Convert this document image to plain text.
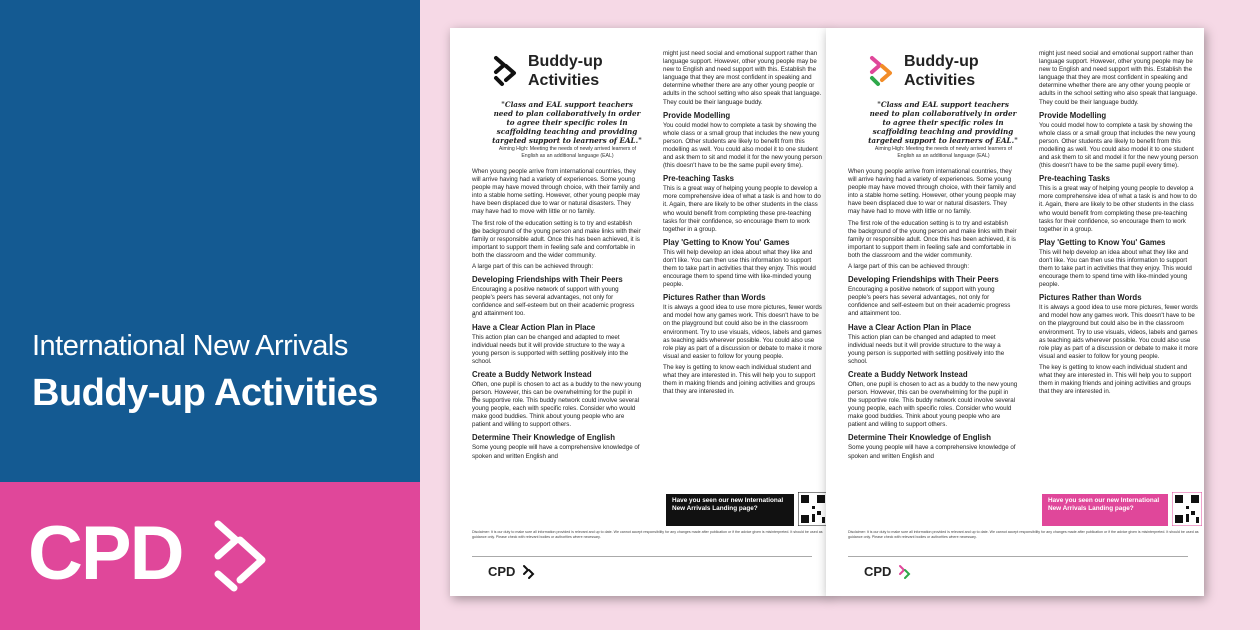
International New Arrivals
Buddy-up Activities
CPD
Buddy-up
Activities
"Class and EAL support teachers need to plan collaboratively in order to agree their specific roles in scaffolding teaching and providing targeted support to learners of EAL."
Aiming High: Meeting the needs of newly arrived learners of English as an additional language (EAL)

When young people arrive from international countries, they will arrive having had a variety of experiences. Some young people may have moved through choice, with their family and into a stable home setting. However, other young people may have been displaced due to war or natural disasters. They may have had to move with little or no family.

The first role of the education setting is to try and establish the background of the young person and make links with their family or responsible adult. Once this has been achieved, it is important to support them in feeling safe and comfortable in both the classroom and the wider community.

A large part of this can be achieved through:

Developing Friendships with Their Peers

Encouraging a positive network of support with young people's peers has several advantages, not only for confidence and self-esteem but on their academic progress and attainment too.

Have a Clear Action Plan in Place

This action plan can be changed and adapted to meet individual needs but it will provide structure to the way a young person is supported with settling positively into the school.

Create a Buddy Network Instead

Often, one pupil is chosen to act as a buddy to the new young person. However, this can be overwhelming for the pupil in the supportive role. This buddy network could involve several young people, each with specific roles. Consider who would make good buddies. Think about young people who are patient and willing to support others.

Determine Their Knowledge of English

Some young people will have a comprehensive knowledge of spoken and written English and

might just need social and emotional support rather than language support. However, other young people may be new to English and need support with this. Establish the language that they are most confident in speaking and determine whether there are any other young people or adults in the school setting who also speak that language. They could be their language buddy.

Provide Modelling

You could model how to complete a task by showing the whole class or a small group that includes the new young person. Other students are likely to benefit from this modelling as well. You could also model it to one student and ask them to sit and model it for the new young person (this doesn't have to be the same pupil every time).

Pre-teaching Tasks

This is a great way of helping young people to develop a more comprehensive idea of what a task is and how to do it. Again, there are likely to be other students in the class who would benefit from completing these pre-teaching tasks for their confidence, so encourage them to work together in a group.

Play 'Getting to Know You' Games

This will help develop an idea about what they like and don't like. You can then use this information to support them to take part in activities that they enjoy. This would encourage them to spend time with like-minded young people.

Pictures Rather than Words

It is always a good idea to use more pictures, fewer words and model how any games work. This doesn't have to be on the playground but could also be in the classroom environment. Try to use visuals, videos, labels and games as teaching aids wherever possible. You could also use role play as part of a discussion or debate to make it more visual and easier to follow for young people.

The key is getting to know each individual student and what they are interested in. This will help you to support them in making friends and joining activities and groups that they are interested in.

Have you seen our new International New Arrivals Landing page?
Disclaimer: It is our duty to make sure all information provided is relevant and up to date. We cannot accept responsibility for any changes made after publication or if the advice given is misinterpreted. It should be used as guidance only. Please check with relevant bodies or authorities where necessary.
CPD
Buddy-up
Activities
"Class and EAL support teachers need to plan collaboratively in order to agree their specific roles in scaffolding teaching and providing targeted support to learners of EAL."
Aiming High: Meeting the needs of newly arrived learners of English as an additional language (EAL)

When young people arrive from international countries, they will arrive having had a variety of experiences. Some young people may have moved through choice, with their family and into a stable home setting. However, other young people may have been displaced due to war or natural disasters. They may have had to move with little or no family.

The first role of the education setting is to try and establish the background of the young person and make links with their family or responsible adult. Once this has been achieved, it is important to support them in feeling safe and comfortable in both the classroom and the wider community.

A large part of this can be achieved through:

Developing Friendships with Their Peers

Encouraging a positive network of support with young people's peers has several advantages, not only for confidence and self-esteem but on their academic progress and attainment too.

Have a Clear Action Plan in Place

This action plan can be changed and adapted to meet individual needs but it will provide structure to the way a young person is supported with settling positively into the school.

Create a Buddy Network Instead

Often, one pupil is chosen to act as a buddy to the new young person. However, this can be overwhelming for the pupil in the supportive role. This buddy network could involve several young people, each with specific roles. Consider who would make good buddies. Think about young people who are patient and willing to support others.

Determine Their Knowledge of English

Some young people will have a comprehensive knowledge of spoken and written English and

might just need social and emotional support rather than language support. However, other young people may be new to English and need support with this. Establish the language that they are most confident in speaking and determine whether there are any other young people or adults in the school setting who also speak that language. They could be their language buddy.

Provide Modelling

You could model how to complete a task by showing the whole class or a small group that includes the new young person. Other students are likely to benefit from this modelling as well. You could also model it to one student and ask them to sit and model it for the new young person (this doesn't have to be the same pupil every time).

Pre-teaching Tasks

This is a great way of helping young people to develop a more comprehensive idea of what a task is and how to do it. Again, there are likely to be other students in the class who would benefit from completing these pre-teaching tasks for their confidence, so encourage them to work together in a group.

Play 'Getting to Know You' Games

This will help develop an idea about what they like and don't like. You can then use this information to support them to take part in activities that they enjoy. This would encourage them to spend time with like-minded young people.

Pictures Rather than Words

It is always a good idea to use more pictures, fewer words and model how any games work. This doesn't have to be on the playground but could also be in the classroom environment. Try to use visuals, videos, labels and games as teaching aids wherever possible. You could also use role play as part of a discussion or debate to make it more visual and easier to follow for young people.

The key is getting to know each individual student and what they are interested in. This will help you to support them in making friends and joining activities and groups that they are interested in.

Have you seen our new International New Arrivals Landing page?
Disclaimer: It is our duty to make sure all information provided is relevant and up to date. We cannot accept responsibility for any changes made after publication or if the advice given is misinterpreted. It should be used as guidance only. Please check with relevant bodies or authorities where necessary.
CPD
